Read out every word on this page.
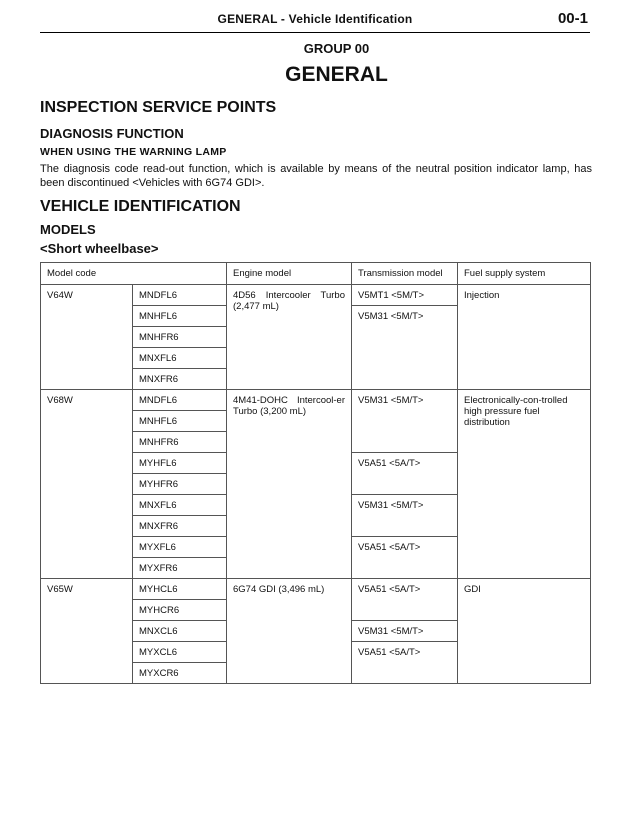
GENERAL - Vehicle Identification	00-1
GROUP 00
GENERAL
INSPECTION SERVICE POINTS
DIAGNOSIS FUNCTION
WHEN USING THE WARNING LAMP
The diagnosis code read-out function, which is available by means of the neutral position indicator lamp, has been discontinued <Vehicles with 6G74 GDI>.
VEHICLE IDENTIFICATION
MODELS
<Short wheelbase>
Model code		Engine model	Transmission model	Fuel supply system
V64W	MNDFL6	4D56 Intercooler Turbo (2,477 mL)	V5MT1 <5M/T>	Injection
	MNHFL6		V5M31 <5M/T>	
	MNHFR6			
	MNXFL6			
	MNXFR6			
V68W	MNDFL6	4M41-DOHC Intercool-er Turbo (3,200 mL)	V5M31 <5M/T>	Electronically-con-trolled high pressure fuel distribution
	MNHFL6			
	MNHFR6			
	MYHFL6		V5A51 <5A/T>	
	MYHFR6			
	MNXFL6		V5M31 <5M/T>	
	MNXFR6			
	MYXFL6		V5A51 <5A/T>	
	MYXFR6			
V65W	MYHCL6	6G74 GDI (3,496 mL)	V5A51 <5A/T>	GDI
	MYHCR6			
	MNXCL6		V5M31 <5M/T>	
	MYXCL6		V5A51 <5A/T>	
	MYXCR6			
